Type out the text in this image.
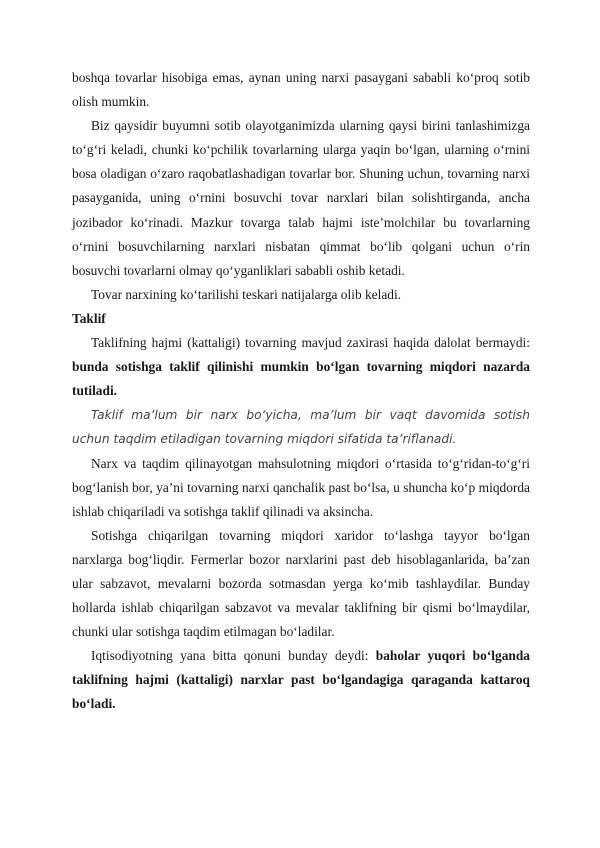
boshqa tovarlar hisobiga emas, aynan uning narxi pasaygani sababli ko‘proq sotib olish mumkin.

Biz qaysidir buyumni sotib olayotganimizda ularning qaysi birini tanlashimizga to‘g‘ri keladi, chunki ko‘pchilik tovarlarning ularga yaqin bo‘lgan, ularning o‘rnini bosa oladigan o‘zaro raqobatlashadigan tovarlar bor. Shuning uchun, tovarning narxi pasayganida, uning o‘rnini bosuvchi tovar narxlari bilan solishtirganda, ancha jozibador ko‘rinadi. Mazkur tovarga talab hajmi iste’molchilar bu tovarlarning o‘rnini bosuvchilarning narxlari nisbatan qimmat bo‘lib qolgani uchun o‘rin bosuvchi tovarlarni olmay qo‘yganliklari sababli oshib ketadi.

Tovar narxining ko‘tarilishi teskari natijalarga olib keladi.

Taklif

Taklifning hajmi (kattaligi) tovarning mavjud zaxirasi haqida dalolat bermaydi: bunda sotishga taklif qilinishi mumkin bo‘lgan tovarning miqdori nazarda tutiladi.

Taklif ma’lum bir narx bo‘yicha, ma’lum bir vaqt davomida sotish uchun taqdim etiladigan tovarning miqdori sifatida ta’riflanadi.

Narx va taqdim qilinayotgan mahsulotning miqdori o‘rtasida to‘g‘ridan-to‘g‘ri bog‘lanish bor, ya’ni tovarning narxi qanchalik past bo‘lsa, u shuncha ko‘p miqdorda ishlab chiqariladi va sotishga taklif qilinadi va aksincha.

Sotishga chiqarilgan tovarning miqdori xaridor to‘lashga tayyor bo‘lgan narxlarga bog‘liqdir. Fermerlar bozor narxlarini past deb hisoblaganlarida, ba’zan ular sabzavot, mevalarni bozorda sotmasdan yerga ko‘mib tashlaydilar. Bunday hollarda ishlab chiqarilgan sabzavot va mevalar taklifning bir qismi bo‘lmaydilar, chunki ular sotishga taqdim etilmagan bo‘ladilar.

Iqtisodiyotning yana bitta qonuni bunday deydi: baholar yuqori bo‘lganda taklifning hajmi (kattaligi) narxlar past bo‘lgandagiga qaraganda kattaroq bo‘ladi.
